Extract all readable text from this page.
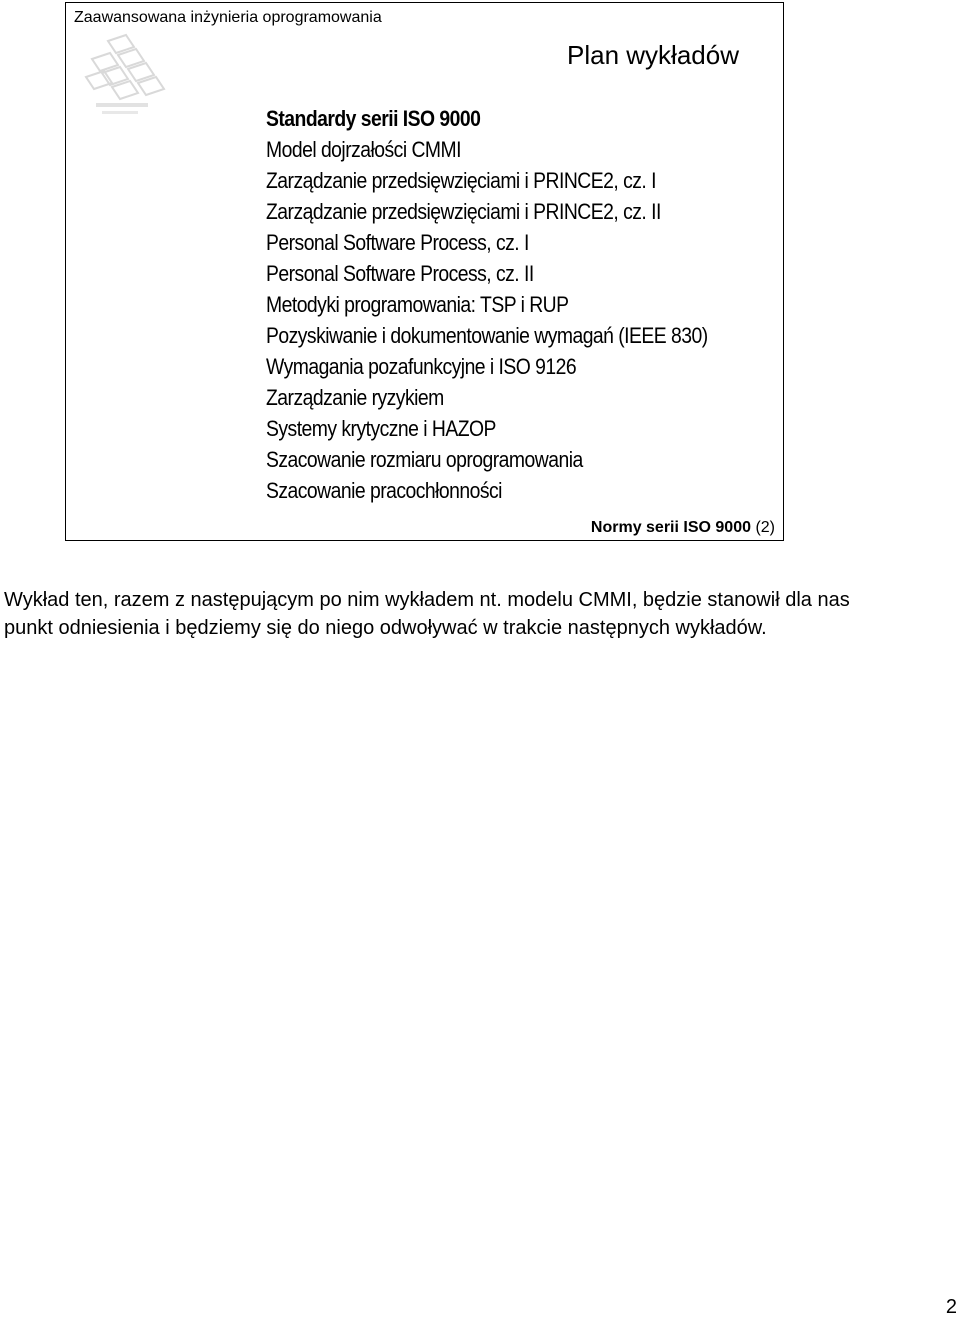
Zaawansowana inżynieria oprogramowania
Plan wykładów
Standardy serii ISO 9000
Model dojrzałości CMMI
Zarządzanie przedsięwzięciami i PRINCE2, cz. I
Zarządzanie przedsięwzięciami i PRINCE2, cz. II
Personal Software Process, cz. I
Personal Software Process, cz. II
Metodyki programowania: TSP i RUP
Pozyskiwanie i dokumentowanie wymagań (IEEE 830)
Wymagania pozafunkcyjne i ISO 9126
Zarządzanie ryzykiem
Systemy krytyczne i HAZOP
Szacowanie rozmiaru oprogramowania
Szacowanie pracochłonności
Normy serii ISO 9000 (2)
Wykład ten, razem z następującym po nim wykładem nt. modelu CMMI, będzie stanowił dla nas punkt odniesienia i będziemy się do niego odwoływać w trakcie następnych wykładów.
2
